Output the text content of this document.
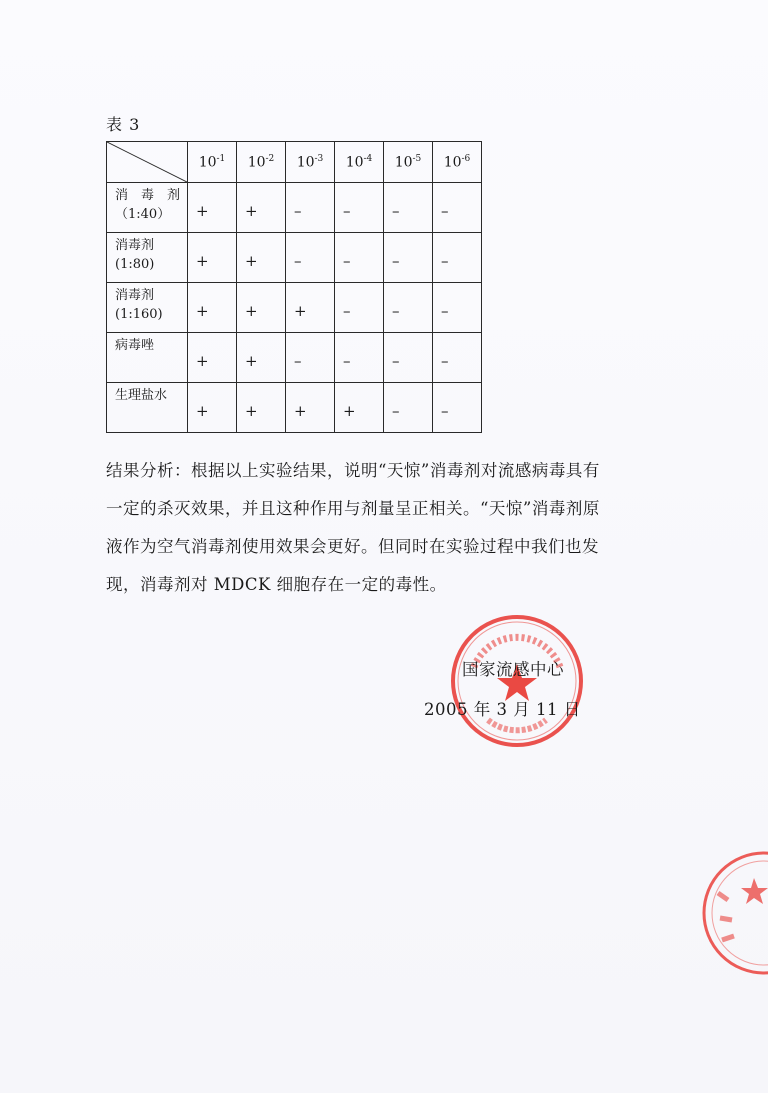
表 3
	$10^{-1}$	$10^{-2}$	$10^{-3}$	$10^{-4}$	$10^{-5}$	$10^{-6}$

消　毒　剂
（1:40）	+	+	–	–	–	–

消毒剂
(1:80)	+	+	–	–	–	–

消毒剂
(1:160)	+	+	+	–	–	–

病毒唑	+	+	–	–	–	–

生理盐水	+	+	+	+	–	–

结果分析：根据以上实验结果，说明“天惊”消毒剂对流感病毒具有
一定的杀灭效果，并且这种作用与剂量呈正相关。“天惊”消毒剂原
液作为空气消毒剂使用效果会更好。但同时在实验过程中我们也发
现，消毒剂对 MDCK 细胞存在一定的毒性。

国家流感中心
2005 年 3 月 11 日
